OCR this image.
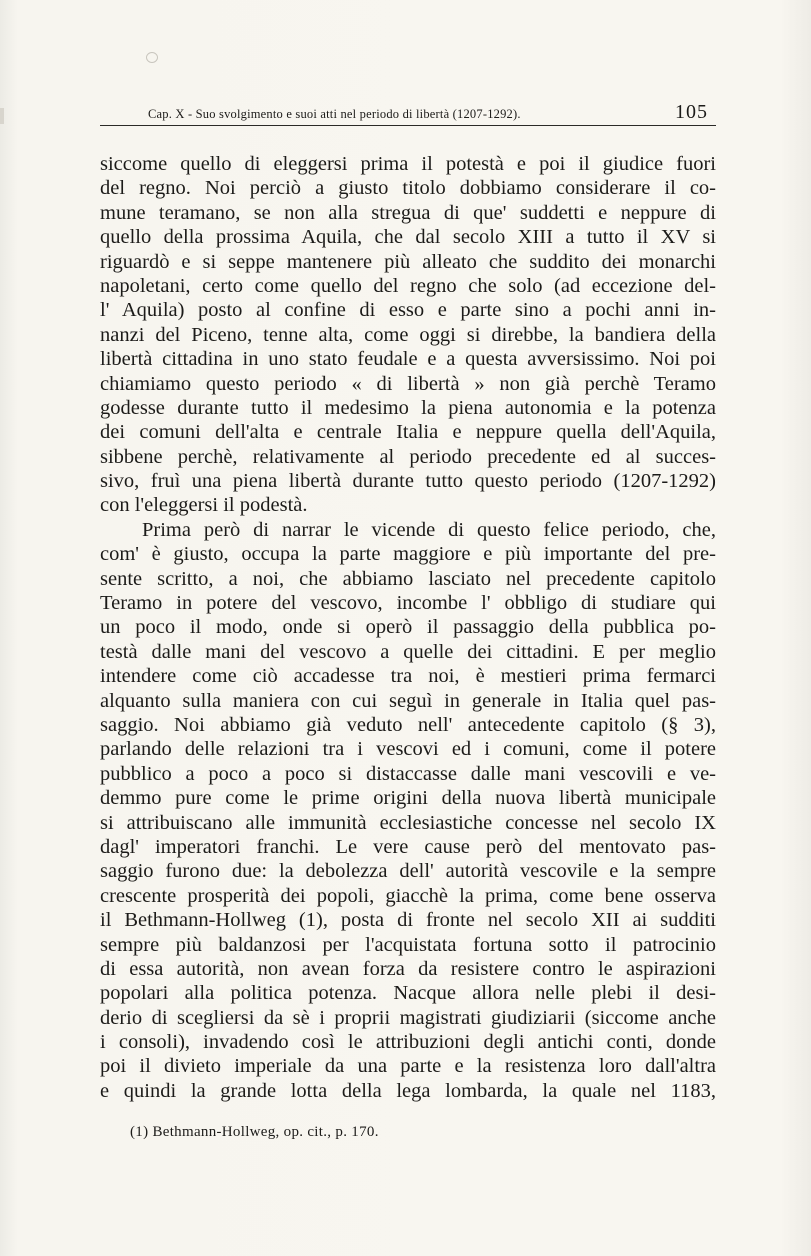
Cap. X - Suo svolgimento e suoi atti nel periodo di libertà (1207-1292).	105
siccome quello di eleggersi prima il potestà e poi il giudice fuori
del regno. Noi perciò a giusto titolo dobbiamo considerare il co-
mune teramano, se non alla stregua di que' suddetti e neppure di
quello della prossima Aquila, che dal secolo XIII a tutto il XV si
riguardò e si seppe mantenere più alleato che suddito dei monarchi
napoletani, certo come quello del regno che solo (ad eccezione del-
l' Aquila) posto al confine di esso e parte sino a pochi anni in-
nanzi del Piceno, tenne alta, come oggi si direbbe, la bandiera della
libertà cittadina in uno stato feudale e a questa avversissimo. Noi poi
chiamiamo questo periodo « di libertà » non già perchè Teramo
godesse durante tutto il medesimo la piena autonomia e la potenza
dei comuni dell'alta e centrale Italia e neppure quella dell'Aquila,
sibbene perchè, relativamente al periodo precedente ed al succes-
sivo, fruì una piena libertà durante tutto questo periodo (1207-1292)
con l'eleggersi il podestà.
Prima però di narrar le vicende di questo felice periodo, che,
com' è giusto, occupa la parte maggiore e più importante del pre-
sente scritto, a noi, che abbiamo lasciato nel precedente capitolo
Teramo in potere del vescovo, incombe l' obbligo di studiare qui
un poco il modo, onde si operò il passaggio della pubblica po-
testà dalle mani del vescovo a quelle dei cittadini. E per meglio
intendere come ciò accadesse tra noi, è mestieri prima fermarci
alquanto sulla maniera con cui seguì in generale in Italia quel pas-
saggio. Noi abbiamo già veduto nell' antecedente capitolo (§ 3),
parlando delle relazioni tra i vescovi ed i comuni, come il potere
pubblico a poco a poco si distaccasse dalle mani vescovili e ve-
demmo pure come le prime origini della nuova libertà municipale
si attribuiscano alle immunità ecclesiastiche concesse nel secolo IX
dagl' imperatori franchi. Le vere cause però del mentovato pas-
saggio furono due: la debolezza dell' autorità vescovile e la sempre
crescente prosperità dei popoli, giacchè la prima, come bene osserva
il Bethmann-Hollweg (1), posta di fronte nel secolo XII ai sudditi
sempre più baldanzosi per l'acquistata fortuna sotto il patrocinio
di essa autorità, non avean forza da resistere contro le aspirazioni
popolari alla politica potenza. Nacque allora nelle plebi il desi-
derio di scegliersi da sè i proprii magistrati giudiziarii (siccome anche
i consoli), invadendo così le attribuzioni degli antichi conti, donde
poi il divieto imperiale da una parte e la resistenza loro dall'altra
e quindi la grande lotta della lega lombarda, la quale nel 1183,
(1) Bethmann-Hollweg, op. cit., p. 170.
